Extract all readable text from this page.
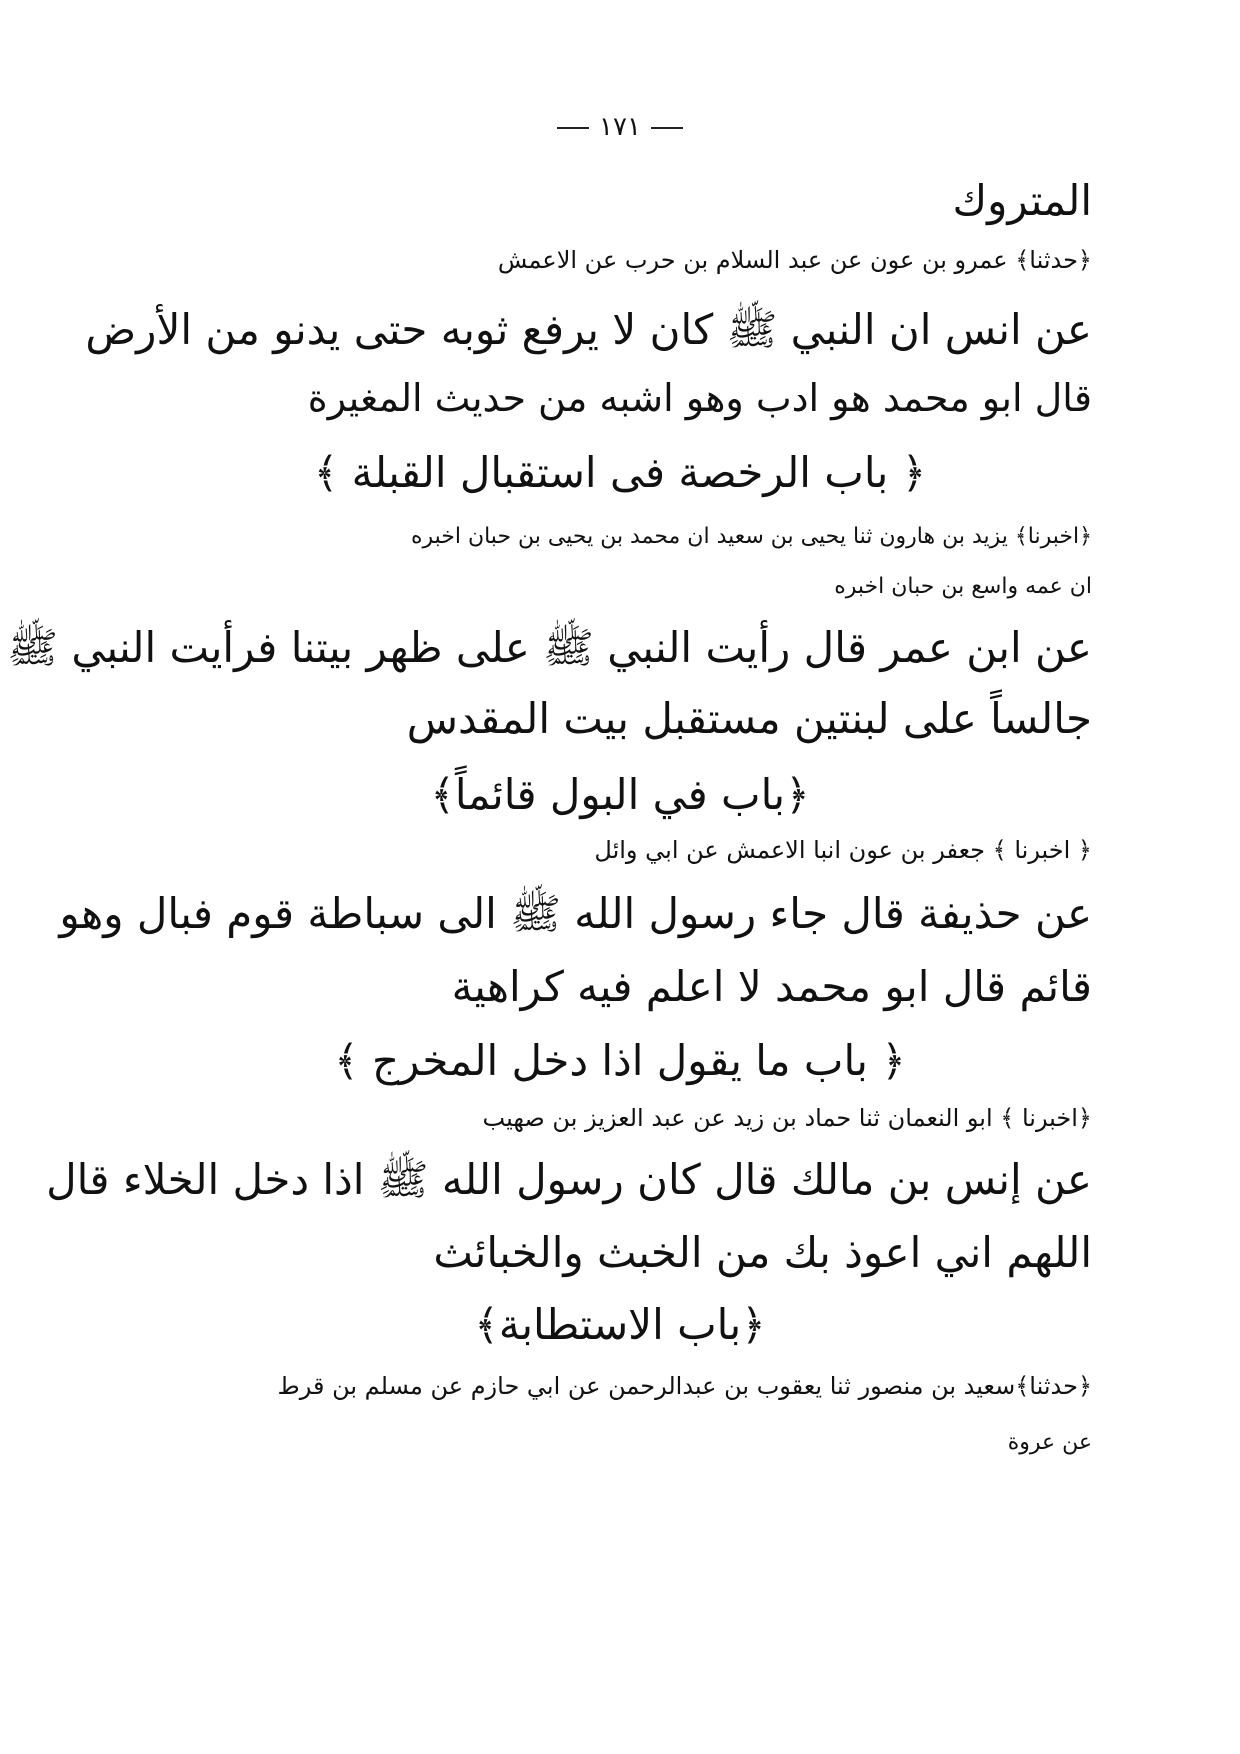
١٧١
المتروك
﴿حدثنا﴾ عمرو بن عون عن عبد السلام بن حرب عن الاعمش
عن انس ان النبي ﷺ كان لا يرفع ثوبه حتى يدنو من الأرض
قال ابو محمد هو ادب وهو اشبه من حديث المغيرة
﴿ باب الرخصة فى استقبال القبلة ﴾
﴿اخبرنا﴾ يزيد بن هارون ثنا يحيى بن سعيد ان محمد بن يحيى بن حبان اخبره
ان عمه واسع بن حبان اخبره
عن ابن عمر قال رأيت النبي ﷺ على ظهر بيتنا فرأيت النبي ﷺ
جالساً على لبنتين مستقبل بيت المقدس
﴿باب في البول قائماً﴾
﴿ اخبرنا ﴾ جعفر بن عون انبا الاعمش عن ابي وائل
عن حذيفة قال جاء رسول الله ﷺ الى سباطة قوم فبال وهو
قائم قال ابو محمد لا اعلم فيه كراهية
﴿ باب ما يقول اذا دخل المخرج ﴾
﴿اخبرنا ﴾ ابو النعمان ثنا حماد بن زيد عن عبد العزيز بن صهيب
عن إنس بن مالك قال كان رسول الله ﷺ اذا دخل الخلاء قال
اللهم اني اعوذ بك من الخبث والخبائث
﴿باب الاستطابة﴾
﴿حدثنا﴾سعيد بن منصور ثنا يعقوب بن عبدالرحمن عن ابي حازم عن مسلم بن قرط
عن عروة
